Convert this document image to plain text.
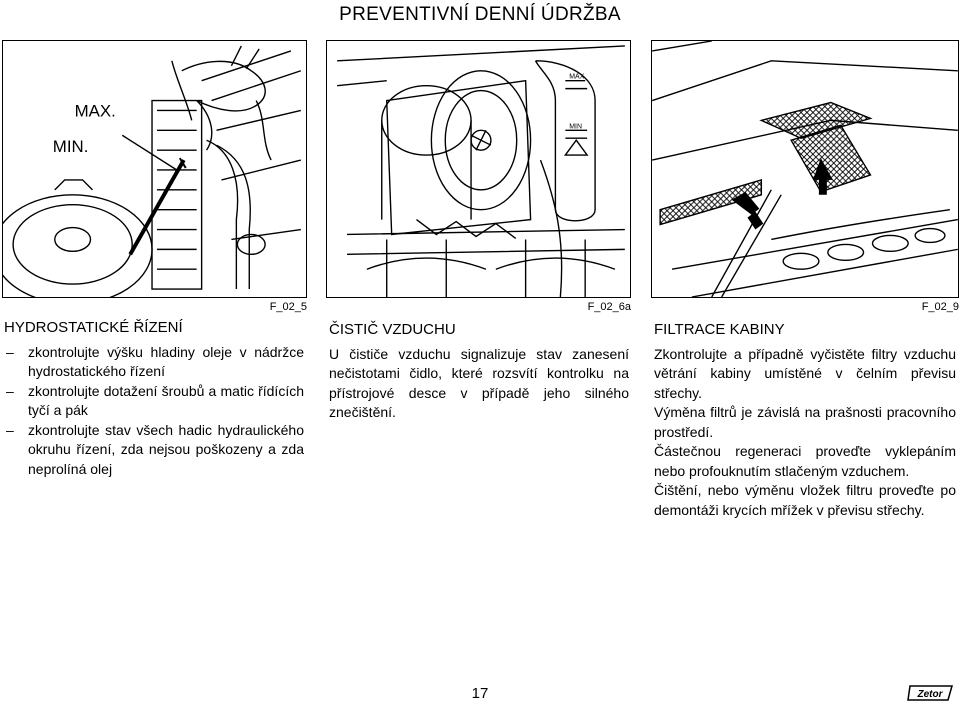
PREVENTIVNÍ DENNÍ ÚDRŽBA
MAX.
MIN.
MAX
MIN
F_02_5	F_02_6a	F_02_9
HYDROSTATICKÉ ŘÍZENÍ
– zkontrolujte výšku hladiny oleje v nádržce hydrostatického řízení
– zkontrolujte dotažení šroubů a matic řídících tyčí a pák
– zkontrolujte stav všech hadic hydraulického okruhu řízení, zda nejsou poškozeny a zda neprolíná olej
ČISTIČ VZDUCHU

U čističe vzduchu signalizuje stav zanesení nečistotami čidlo, které rozsvítí kontrolku na přístrojové desce v případě jeho silného znečištění.

FILTRACE KABINY

Zkontrolujte a případně vyčistěte filtry vzduchu větrání kabiny umístěné v čelním převisu střechy.

Výměna filtrů je závislá na prašnosti pracovního prostředí.

Částečnou regeneraci proveďte vyklepáním nebo profouknutím stlačeným vzduchem.

Čištění, nebo výměnu vložek filtru proveďte po demontáži krycích mřížek v převisu střechy.

17	Zetor
